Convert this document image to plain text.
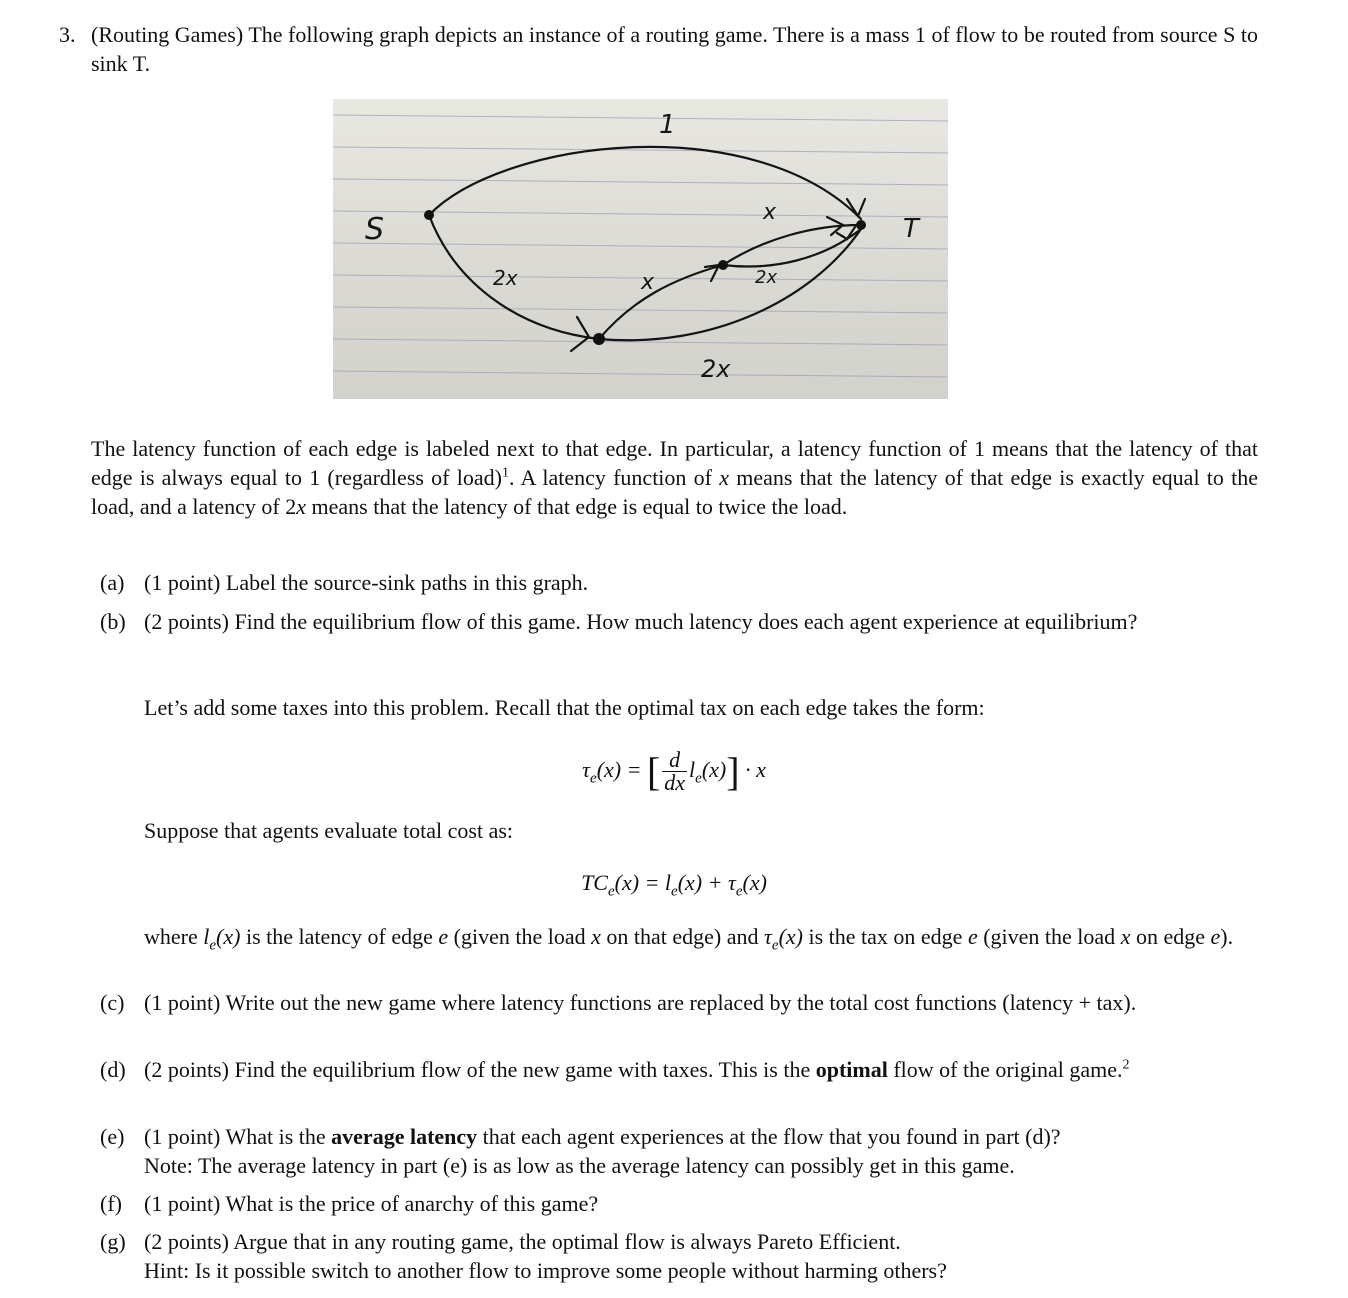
3. (Routing Games) The following graph depicts an instance of a routing game. There is a mass 1 of flow to be routed from source S to sink T.
S	T
1
2x	x
x
2x
2x
The latency function of each edge is labeled next to that edge. In particular, a latency function of 1 means that the latency of that edge is always equal to 1 (regardless of load)$^1$. A latency function of x means that the latency of that edge is exactly equal to the load, and a latency of 2x means that the latency of that edge is equal to twice the load.
(a) (1 point) Label the source-sink paths in this graph.
(b) (2 points) Find the equilibrium flow of this game. How much latency does each agent experience at equilibrium?
Let’s add some taxes into this problem. Recall that the optimal tax on each edge takes the form:
$\tau_e(x)$ = [ $\frac{d}{dx} l_e(x)] \cdot x$
Suppose that agents evaluate total cost as:
$TC_e(x) = l_e(x) + \tau_e(x)$
where $l_e(x)$ is the latency of edge e (given the load x on that edge) and $\tau_e(x)$ is the tax on edge e (given the load x on edge e).
(c) (1 point) Write out the new game where latency functions are replaced by the total cost functions (latency + tax).
(d) (2 points) Find the equilibrium flow of the new game with taxes. This is the optimal flow of the original game.$^2$
(e) (1 point) What is the average latency that each agent experiences at the flow that you found in part (d)?
Note: The average latency in part (e) is as low as the average latency can possibly get in this game.
(f) (1 point) What is the price of anarchy of this game?
(g) (2 points) Argue that in any routing game, the optimal flow is always Pareto Efficient.
Hint: Is it possible switch to another flow to improve some people without harming others?
